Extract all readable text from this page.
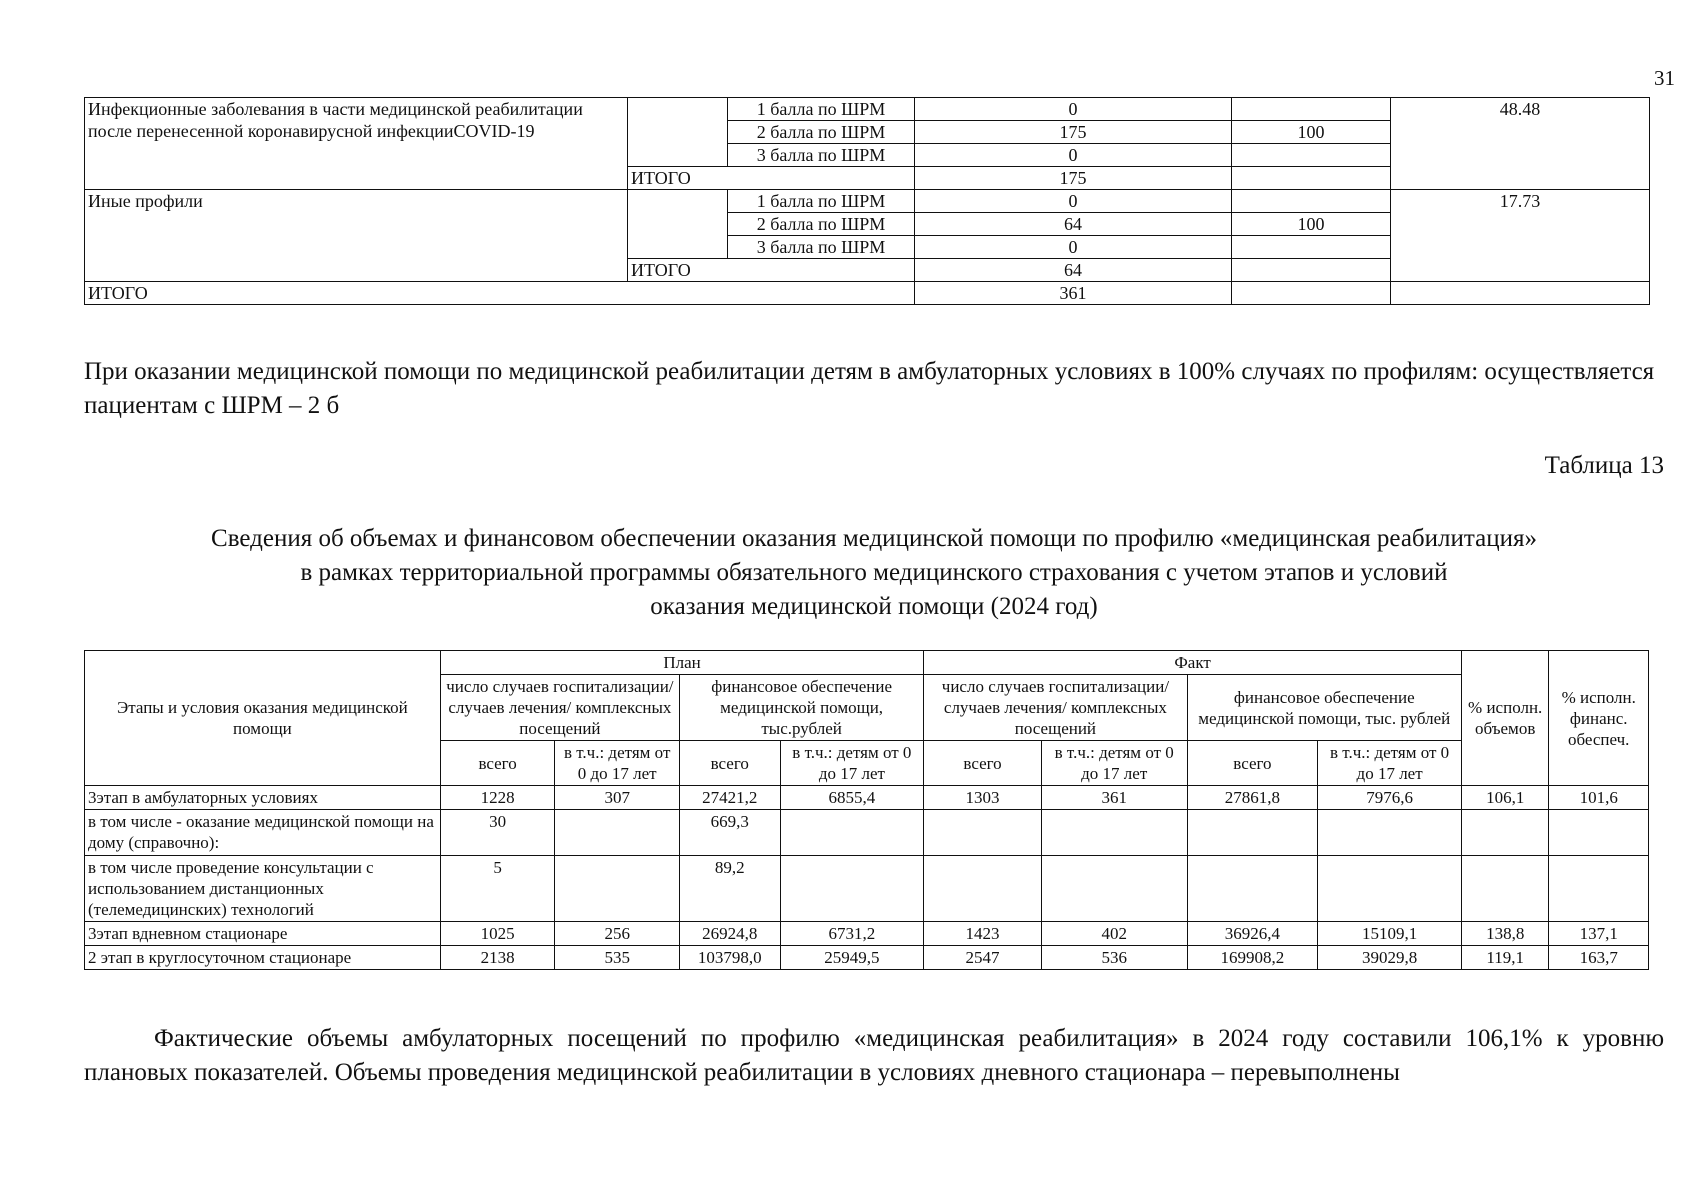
31
Инфекционные заболевания в части медицинской реабилитации после перенесенной коронавирусной инфекцииCOVID-19		1 балла по ШРМ	0		48.48
		2 балла по ШРМ	175	100	
		3 балла по ШРМ	0		
	ИТОГО		175		
Иные профили		1 балла по ШРМ	0		17.73
		2 балла по ШРМ	64	100	
		3 балла по ШРМ	0		
	ИТОГО		64		
ИТОГО			361		
При оказании медицинской помощи по медицинской реабилитации детям в амбулаторных условиях в 100% случаях по профилям: осуществляется пациентам с ШРМ – 2 б
Таблица 13
Сведения об объемах и финансовом обеспечении оказания медицинской помощи по профилю «медицинская реабилитация»
в рамках территориальной программы обязательного медицинского страхования с учетом этапов и условий
оказания медицинской помощи (2024 год)
Этапы и условия оказания медицинской помощи	План				Факт				% исполн. объемов	% исполн. финанс. обеспеч.
	число случаев госпитализации/ случаев лечения/ комплексных посещений		финансовое обеспечение медицинской помощи, тыс.рублей		число случаев госпитализации/ случаев лечения/ комплексных посещений		финансовое обеспечение медицинской помощи, тыс. рублей			
	всего	в т.ч.: детям от 0 до 17 лет	всего	в т.ч.: детям от 0 до 17 лет	всего	в т.ч.: детям от 0 до 17 лет	всего	в т.ч.: детям от 0 до 17 лет		
3этап в амбулаторных условиях	1228	307	27421,2	6855,4	1303	361	27861,8	7976,6	106,1	101,6
в том числе - оказание медицинской помощи на дому (справочно):	30		669,3							
в том числе проведение консультации с использованием дистанционных (телемедицинских) технологий	5		89,2							
3этап вдневном стационаре	1025	256	26924,8	6731,2	1423	402	36926,4	15109,1	138,8	137,1
2 этап в круглосуточном стационаре	2138	535	103798,0	25949,5	2547	536	169908,2	39029,8	119,1	163,7
Фактические объемы амбулаторных посещений по профилю «медицинская реабилитация» в 2024 году составили 106,1% к уровню плановых показателей. Объемы проведения медицинской реабилитации в условиях дневного стационара – перевыполнены
